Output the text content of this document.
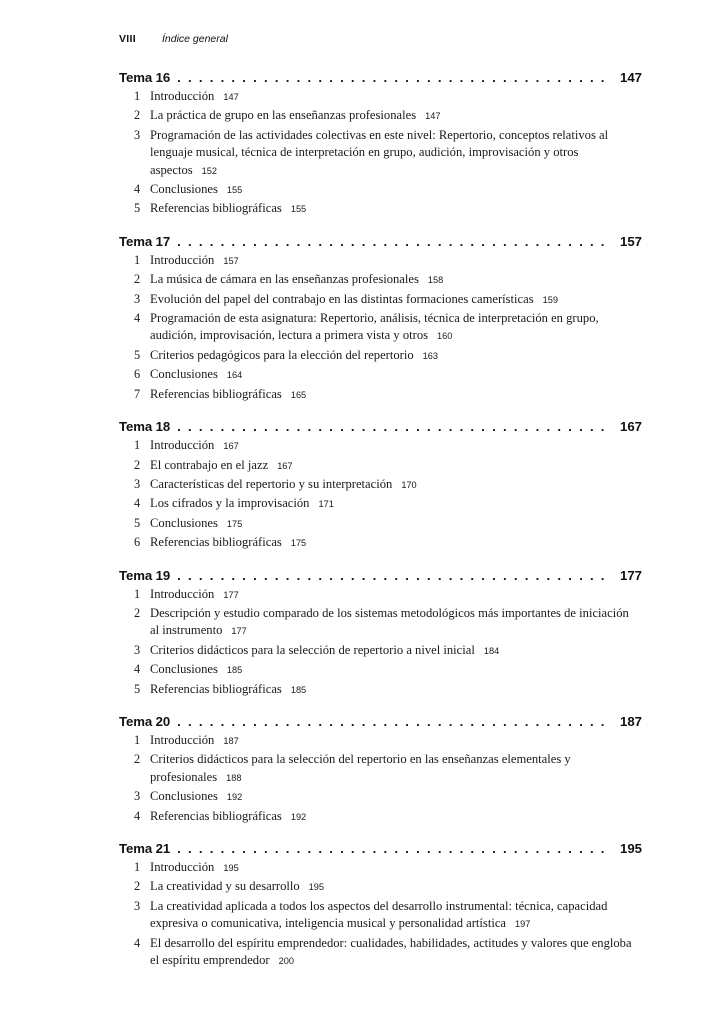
VIII Índice general
Tema 16 .....	147
1 Introducción 147
2 La práctica de grupo en las enseñanzas profesionales 147
3 Programación de las actividades colectivas en este nivel: Repertorio, conceptos relativos al lenguaje musical, técnica de interpretación en grupo, audición, improvisación y otros aspectos 152
4 Conclusiones 155
5 Referencias bibliográficas 155
Tema 17 .....	157
1 Introducción 157
2 La música de cámara en las enseñanzas profesionales 158
3 Evolución del papel del contrabajo en las distintas formaciones camerísticas 159
4 Programación de esta asignatura: Repertorio, análisis, técnica de interpretación en grupo, audición, improvisación, lectura a primera vista y otros 160
5 Criterios pedagógicos para la elección del repertorio 163
6 Conclusiones 164
7 Referencias bibliográficas 165
Tema 18 .....	167
1 Introducción 167
2 El contrabajo en el jazz 167
3 Características del repertorio y su interpretación 170
4 Los cifrados y la improvisación 171
5 Conclusiones 175
6 Referencias bibliográficas 175
Tema 19 .....	177
1 Introducción 177
2 Descripción y estudio comparado de los sistemas metodológicos más importantes de iniciación al instrumento 177
3 Criterios didácticos para la selección de repertorio a nivel inicial 184
4 Conclusiones 185
5 Referencias bibliográficas 185
Tema 20 .....	187
1 Introducción 187
2 Criterios didácticos para la selección del repertorio en las enseñanzas elementales y profesionales 188
3 Conclusiones 192
4 Referencias bibliográficas 192
Tema 21 .....	195
1 Introducción 195
2 La creatividad y su desarrollo 195
3 La creatividad aplicada a todos los aspectos del desarrollo instrumental: técnica, capacidad expresiva o comunicativa, inteligencia musical y personalidad artística 197
4 El desarrollo del espíritu emprendedor: cualidades, habilidades, actitudes y valores que engloba el espíritu emprendedor 200
